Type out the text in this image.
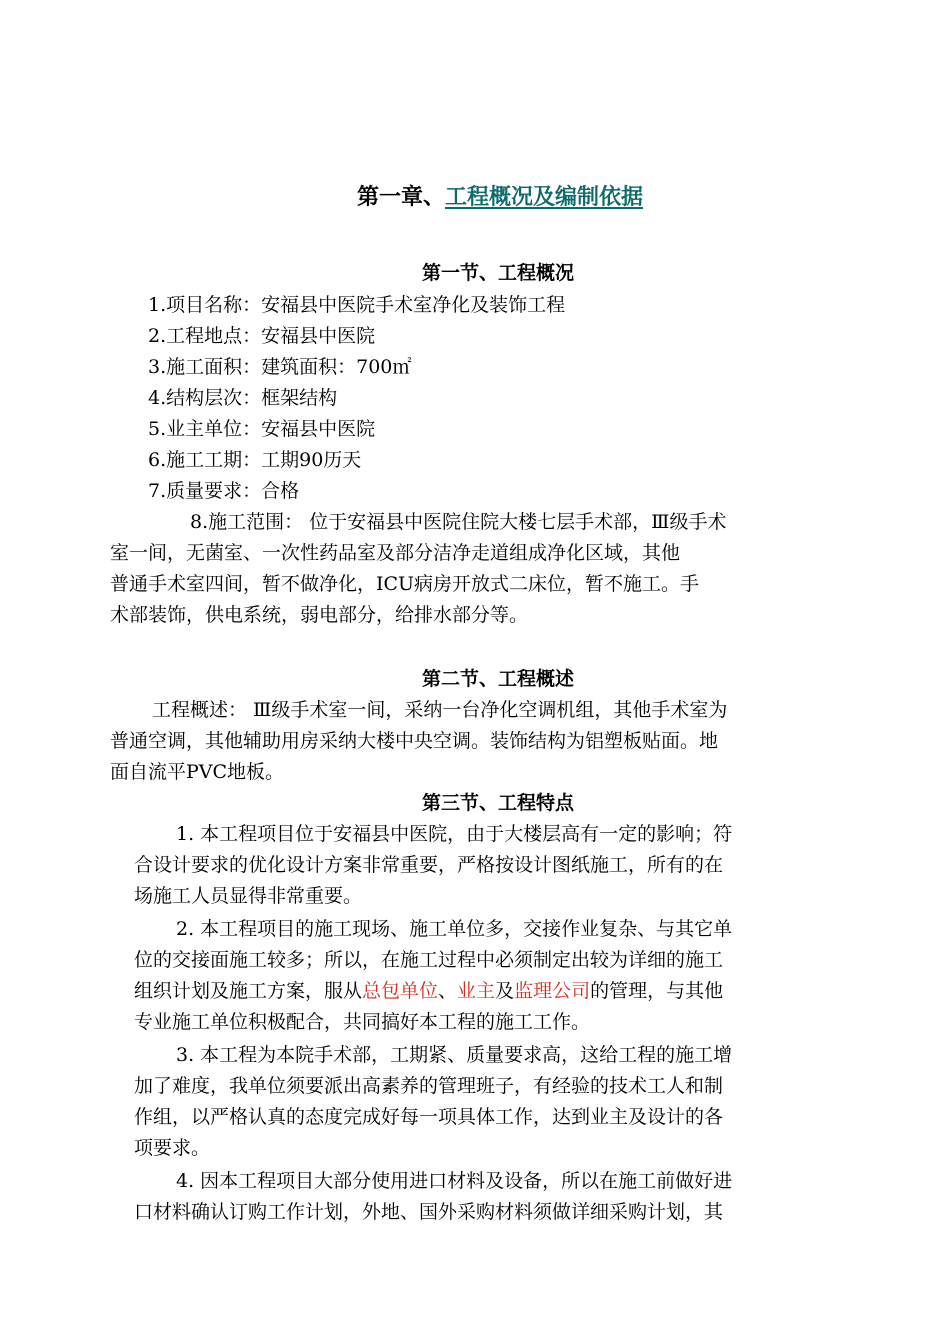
第一章、工程概况及编制依据
第一节、工程概况
1.项目名称：安福县中医院手术室净化及装饰工程
2.工程地点：安福县中医院
3.施工面积：建筑面积：700㎡
4.结构层次：框架结构
5.业主单位：安福县中医院
6.施工工期：工期90历天
7.质量要求：合格
8.施工范围： 位于安福县中医院住院大楼七层手术部，Ⅲ级手术
室一间，无菌室、一次性药品室及部分洁净走道组成净化区域，其他
普通手术室四间，暂不做净化，ICU病房开放式二床位，暂不施工。手
术部装饰，供电系统，弱电部分，给排水部分等。
第二节、工程概述
工程概述： Ⅲ级手术室一间，采纳一台净化空调机组，其他手术室为
普通空调，其他辅助用房采纳大楼中央空调。装饰结构为铝塑板贴面。地
面自流平PVC地板。
第三节、工程特点
1. 本工程项目位于安福县中医院，由于大楼层高有一定的影响；符
合设计要求的优化设计方案非常重要，严格按设计图纸施工，所有的在
场施工人员显得非常重要。
2. 本工程项目的施工现场、施工单位多，交接作业复杂、与其它单
位的交接面施工较多；所以，在施工过程中必须制定出较为详细的施工
组织计划及施工方案，服从总包单位、业主及监理公司的管理，与其他
专业施工单位积极配合，共同搞好本工程的施工工作。
3. 本工程为本院手术部，工期紧、质量要求高，这给工程的施工增
加了难度，我单位须要派出高素养的管理班子，有经验的技术工人和制
作组，以严格认真的态度完成好每一项具体工作，达到业主及设计的各
项要求。
4. 因本工程项目大部分使用进口材料及设备，所以在施工前做好进
口材料确认订购工作计划，外地、国外采购材料须做详细采购计划，其
